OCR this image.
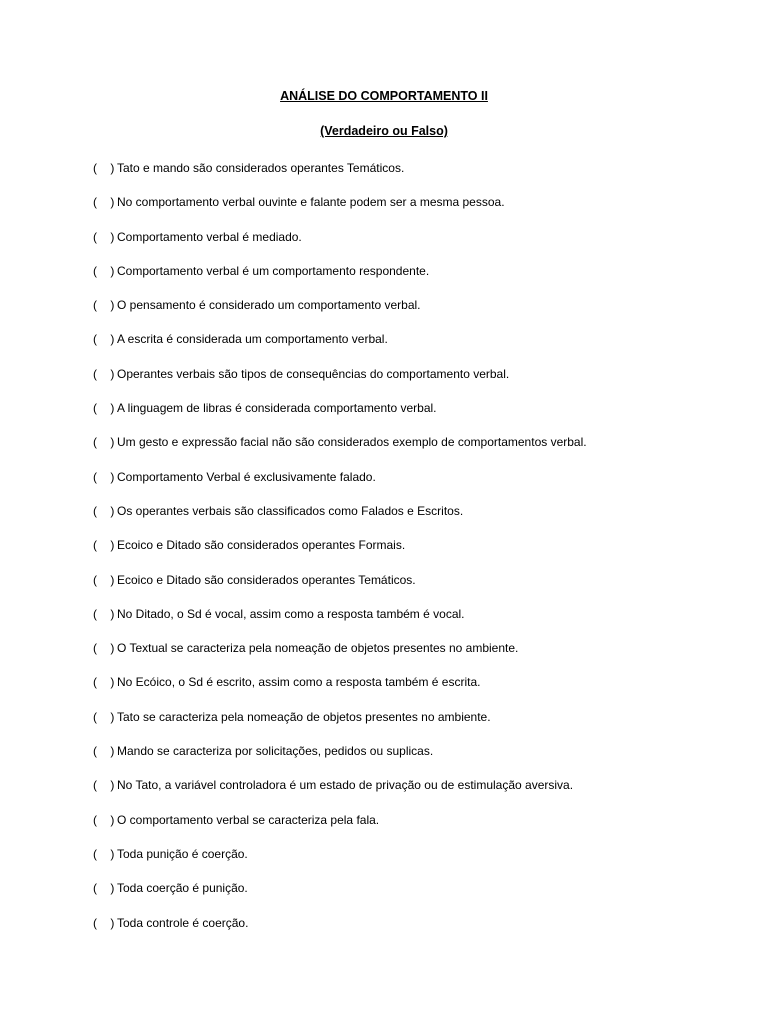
ANÁLISE DO COMPORTAMENTO II
(Verdadeiro ou Falso)
(    ) Tato e mando são considerados operantes Temáticos.
(    ) No comportamento verbal ouvinte e falante podem ser a mesma pessoa.
(    ) Comportamento verbal é mediado.
(    ) Comportamento verbal é um comportamento respondente.
(    ) O pensamento é considerado um comportamento verbal.
(    ) A escrita é considerada um comportamento verbal.
(    ) Operantes verbais são tipos de consequências do comportamento verbal.
(    ) A linguagem de libras é considerada comportamento verbal.
(    ) Um gesto e expressão facial não são considerados exemplo de comportamentos verbal.
(    ) Comportamento Verbal é exclusivamente falado.
(    ) Os operantes verbais são classificados como Falados e Escritos.
(    ) Ecoico e Ditado são considerados operantes Formais.
(    ) Ecoico e Ditado são considerados operantes Temáticos.
(    ) No Ditado, o Sd é vocal, assim como a resposta também é vocal.
(    ) O Textual se caracteriza pela nomeação de objetos presentes no ambiente.
(    ) No Ecóico, o Sd é escrito, assim como a resposta também é escrita.
(    ) Tato se caracteriza pela nomeação de objetos presentes no ambiente.
(    ) Mando se caracteriza por solicitações, pedidos ou suplicas.
(    ) No Tato, a variável controladora é um estado de privação ou de estimulação aversiva.
(    ) O comportamento verbal se caracteriza pela fala.
(    ) Toda punição é coerção.
(    ) Toda coerção é punição.
(    ) Toda controle é coerção.
